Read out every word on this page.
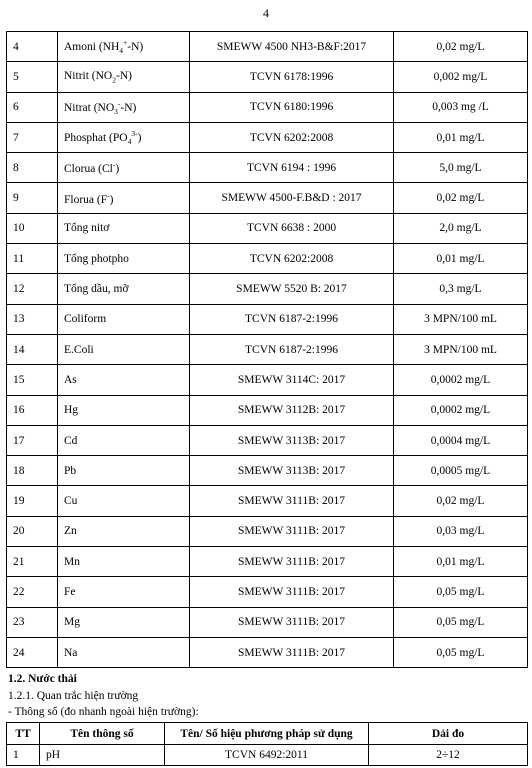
4
4	Amoni $(NH_4^+-N)$	SMEWW 4500 NH3-B&F:2017	0,02 mg/L
5	Nitrit $(NO_2-N)$	TCVN 6178:1996	0,002 mg/L
6	Nitrat $(NO_3^--N)$	TCVN 6180:1996	0,003 mg /L
7	Phosphat $(PO_4^{3-})$	TCVN 6202:2008	0,01 mg/L
8	Clorua (Cl-)	TCVN 6194 : 1996	5,0 mg/L
9	Florua (F-)	SMEWW 4500-F.B&D : 2017	0,02 mg/L
10	Tổng nitơ	TCVN 6638 : 2000	2,0 mg/L
11	Tổng photpho	TCVN 6202:2008	0,01 mg/L
12	Tổng dầu, mỡ	SMEWW 5520 B: 2017	0,3 mg/L
13	Coliform	TCVN 6187-2:1996	3 MPN/100 mL
14	E.Coli	TCVN 6187-2:1996	3 MPN/100 mL
15	As	SMEWW 3114C: 2017	0,0002 mg/L
16	Hg	SMEWW 3112B: 2017	0,0002 mg/L
17	Cd	SMEWW 3113B: 2017	0,0004 mg/L
18	Pb	SMEWW 3113B: 2017	0,0005 mg/L
19	Cu	SMEWW 3111B: 2017	0,02 mg/L
20	Zn	SMEWW 3111B: 2017	0,03 mg/L
21	Mn	SMEWW 3111B: 2017	0,01 mg/L
22	Fe	SMEWW 3111B: 2017	0,05 mg/L
23	Mg	SMEWW 3111B: 2017	0,05 mg/L
24	Na	SMEWW 3111B: 2017	0,05 mg/L
1.2. Nước thải
1.2.1. Quan trắc hiện trường
- Thông số (đo nhanh ngoài hiện trường):
TT	Tên thông số	Tên/ Số hiệu phương pháp sử dụng	Dải đo
1	pH	TCVN 6492:2011	2÷12
